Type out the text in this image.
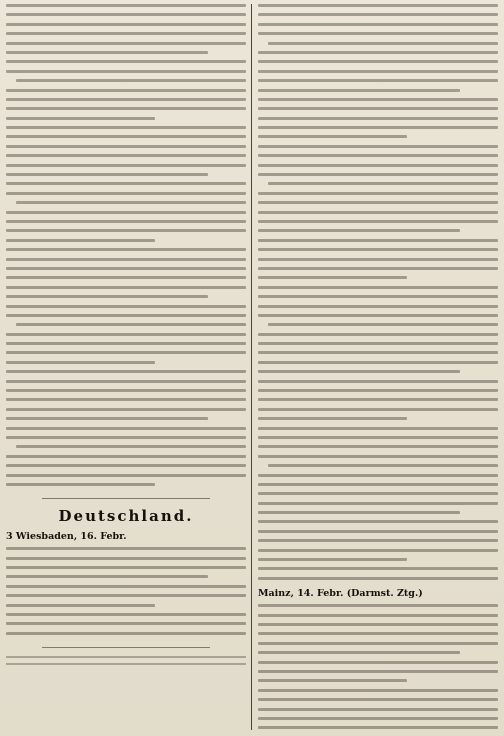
Deutschland.
3 Wiesbaden, 16. Febr.
Mainz, 14. Febr. (Darmst. Ztg.)
